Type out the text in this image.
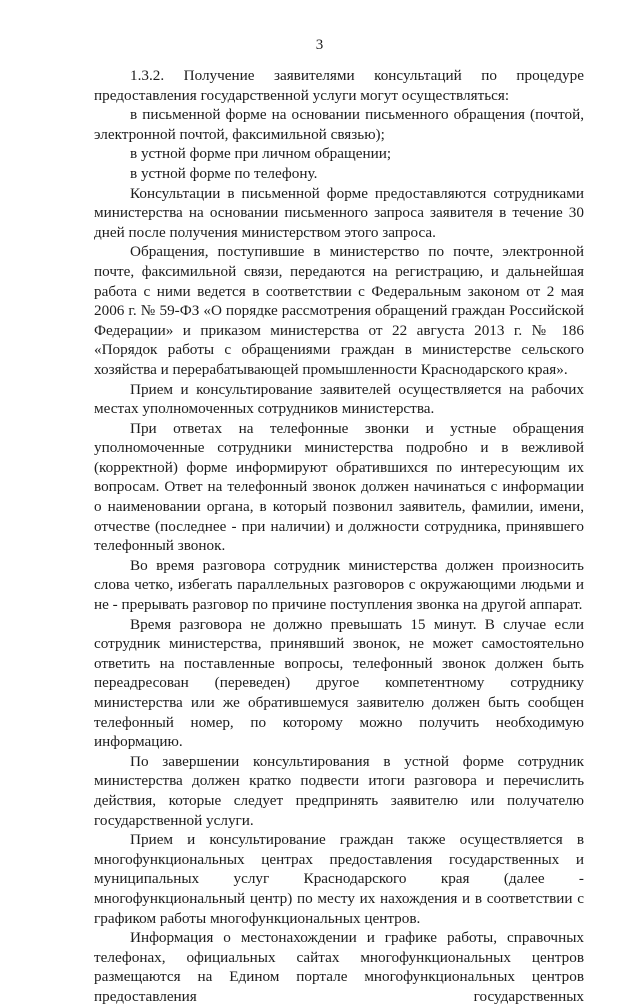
3

1.3.2. Получение заявителями консультаций по процедуре предоставления государственной услуги могут осуществляться:

в письменной форме на основании письменного обращения (почтой, электронной почтой, факсимильной связью);

в устной форме при личном обращении;

в устной форме по телефону.

Консультации в письменной форме предоставляются сотрудниками министерства на основании письменного запроса заявителя в течение 30 дней после получения министерством этого запроса.

Обращения, поступившие в министерство по почте, электронной почте, факсимильной связи, передаются на регистрацию, и дальнейшая работа с ними ведется в соответствии с Федеральным законом от 2 мая 2006 г. № 59-ФЗ «О порядке рассмотрения обращений граждан Российской Федерации» и приказом министерства от 22 августа 2013 г. № 186 «Порядок работы с обращениями граждан в министерстве сельского хозяйства и перерабатывающей промышленности Краснодарского края».

Прием и консультирование заявителей осуществляется на рабочих местах уполномоченных сотрудников министерства.

При ответах на телефонные звонки и устные обращения уполномоченные сотрудники министерства подробно и в вежливой (корректной) форме информируют обратившихся по интересующим их вопросам. Ответ на телефонный звонок должен начинаться с информации о наименовании органа, в который позвонил заявитель, фамилии, имени, отчестве (последнее - при наличии) и должности сотрудника, принявшего телефонный звонок.

Во время разговора сотрудник министерства должен произносить слова четко, избегать параллельных разговоров с окружающими людьми и не - прерывать разговор по причине поступления звонка на другой аппарат.

Время разговора не должно превышать 15 минут. В случае если сотрудник министерства, принявший звонок, не может самостоятельно ответить на поставленные вопросы, телефонный звонок должен быть переадресован (переведен) другое компетентному сотруднику министерства или же обратившемуся заявителю должен быть сообщен телефонный номер, по которому можно получить необходимую информацию.

По завершении консультирования в устной форме сотрудник министерства должен кратко подвести итоги разговора и перечислить действия, которые следует предпринять заявителю или получателю государственной услуги.

Прием и консультирование граждан также осуществляется в многофункциональных центрах предоставления государственных и муниципальных услуг Краснодарского края (далее - многофункциональный центр) по месту их нахождения и в соответствии с графиком работы многофункциональных центров.

Информация о местонахождении и графике работы, справочных телефонах, официальных сайтах многофункциональных центров размещаются на Едином портале многофункциональных центров предоставления государственных
